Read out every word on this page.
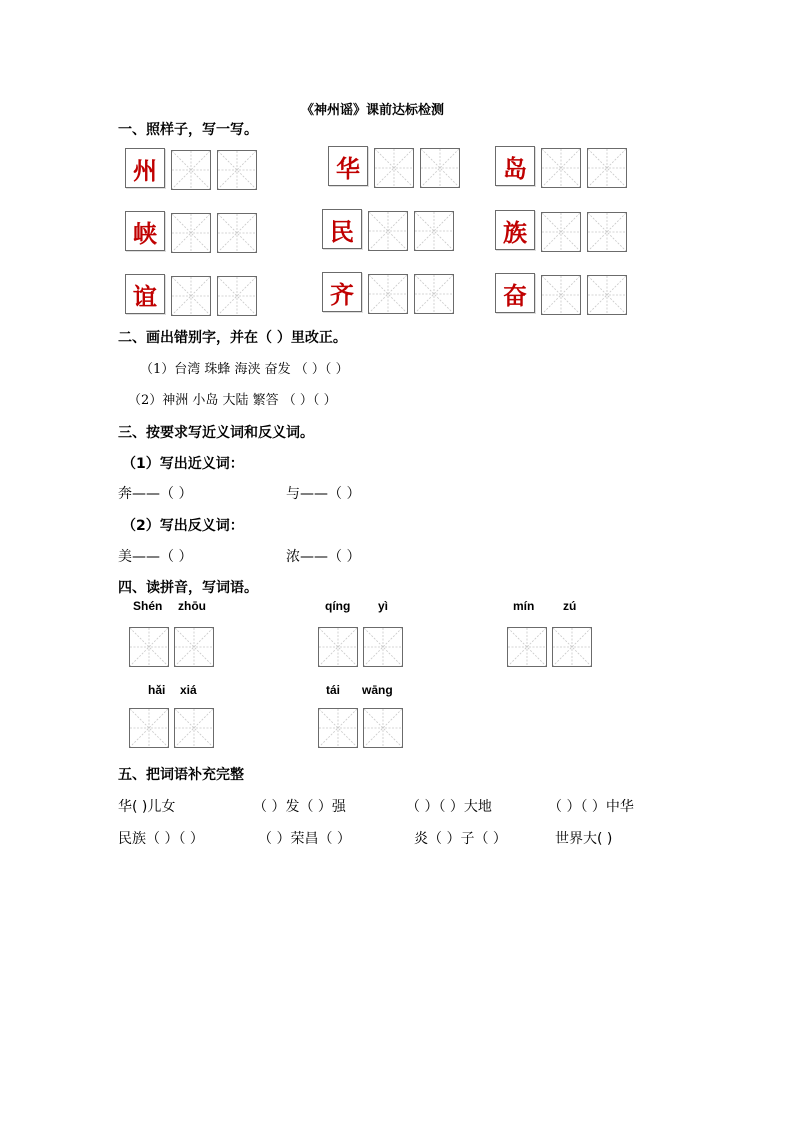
《神州谣》课前达标检测
一、照样子，写一写。
二、画出错别字，并在（ ）里改正。
（1）台湾 珠蜂 海浃 奋发 （ ）（ ）
（2）神洲 小岛 大陆 繁答 （ ）（ ）
三、按要求写近义词和反义词。
（1）写出近义词：
奔——（ ）	与——（ ）
（2）写出反义词：
美——（ ）	浓——（ ）
四、读拼音，写词语。
五、把词语补充完整
华( )儿女	（ ）发（ ）强	（ ）（ ）大地	（ ）（ ）中华
民族（ ）（ ）	（ ）荣昌（ ）	炎（ ）子（ ）	世界大( )
州	华	岛
峡	民	族
谊	齐	奋
Shén zhōu	qíng yì	mín zú
hǎi xiá	tái wān​g
